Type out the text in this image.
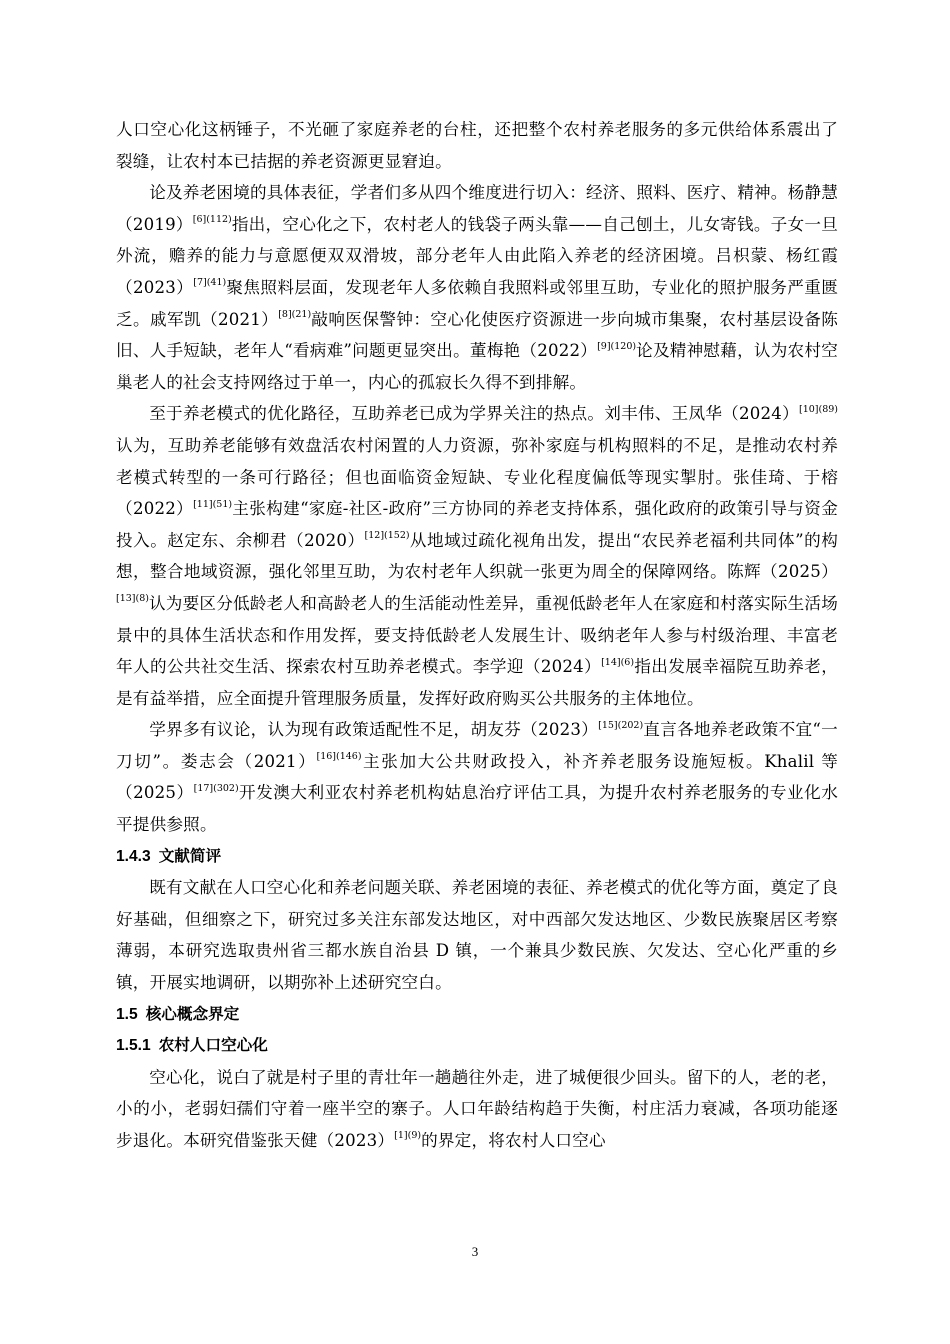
人口空心化这柄锤子，不光砸了家庭养老的台柱，还把整个农村养老服务的多元供给体系震出了裂缝，让农村本已拮据的养老资源更显窘迫。

论及养老困境的具体表征，学者们多从四个维度进行切入：经济、照料、医疗、精神。杨静慧$(2019)^{[6](112)}$指出，空心化之下，农村老人的钱袋子两头靠——自己刨土，儿女寄钱。子女一旦外流，赡养的能力与意愿便双双滑坡，部分老年人由此陷入养老的经济困境。吕枳蒙、杨红霞$(2023)^{[7](41)}$聚焦照料层面，发现老年人多依赖自我照料或邻里互助，专业化的照护服务严重匮乏。戚军凯$(2021)^{[8](21)}$敲响医保警钟：空心化使医疗资源进一步向城市集聚，农村基层设备陈旧、人手短缺，老年人“看病难”问题更显突出。董梅艳$(2022)^{[9](120)}$论及精神慰藉，认为农村空巢老人的社会支持网络过于单一，内心的孤寂长久得不到排解。

至于养老模式的优化路径，互助养老已成为学界关注的热点。刘丰伟、王凤华$(2024)^{[10](89)}$认为，互助养老能够有效盘活农村闲置的人力资源，弥补家庭与机构照料的不足，是推动农村养老模式转型的一条可行路径；但也面临资金短缺、专业化程度偏低等现实掣肘。张佳琦、于榕$(2022)^{[11](51)}$主张构建“家庭-社区-政府”三方协同的养老支持体系，强化政府的政策引导与资金投入。赵定东、余柳君$(2020)^{[12](152)}$从地域过疏化视角出发，提出“农民养老福利共同体”的构想，整合地域资源，强化邻里互助，为农村老年人织就一张更为周全的保障网络。陈辉$(2025)^{[13](8)}$认为要区分低龄老人和高龄老人的生活能动性差异，重视低龄老年人在家庭和村落实际生活场景中的具体生活状态和作用发挥，要支持低龄老人发展生计、吸纳老年人参与村级治理、丰富老年人的公共社交生活、探索农村互助养老模式。李学迎$(2024)^{[14](6)}$指出发展幸福院互助养老，是有益举措，应全面提升管理服务质量，发挥好政府购买公共服务的主体地位。

学界多有议论，认为现有政策适配性不足，胡友芬$(2023)^{[15](202)}$直言各地养老政策不宜“一刀切”。娄志会$(2021)^{[16](146)}$主张加大公共财政投入，补齐养老服务设施短板。Khalil 等$(2025)^{[17](302)}$开发澳大利亚农村养老机构姑息治疗评估工具，为提升农村养老服务的专业化水平提供参照。

1.4.3 文献简评

既有文献在人口空心化和养老问题关联、养老困境的表征、养老模式的优化等方面，奠定了良好基础，但细察之下，研究过多关注东部发达地区，对中西部欠发达地区、少数民族聚居区考察薄弱，本研究选取贵州省三都水族自治县 D 镇，一个兼具少数民族、欠发达、空心化严重的乡镇，开展实地调研，以期弥补上述研究空白。

1.5 核心概念界定
1.5.1 农村人口空心化

空心化，说白了就是村子里的青壮年一趟趟往外走，进了城便很少回头。留下的人，老的老，小的小，老弱妇孺们守着一座半空的寨子。人口年龄结构趋于失衡，村庄活力衰减，各项功能逐步退化。本研究借鉴张天健$(2023)^{[1](9)}$的界定，将农村人口空心

3
